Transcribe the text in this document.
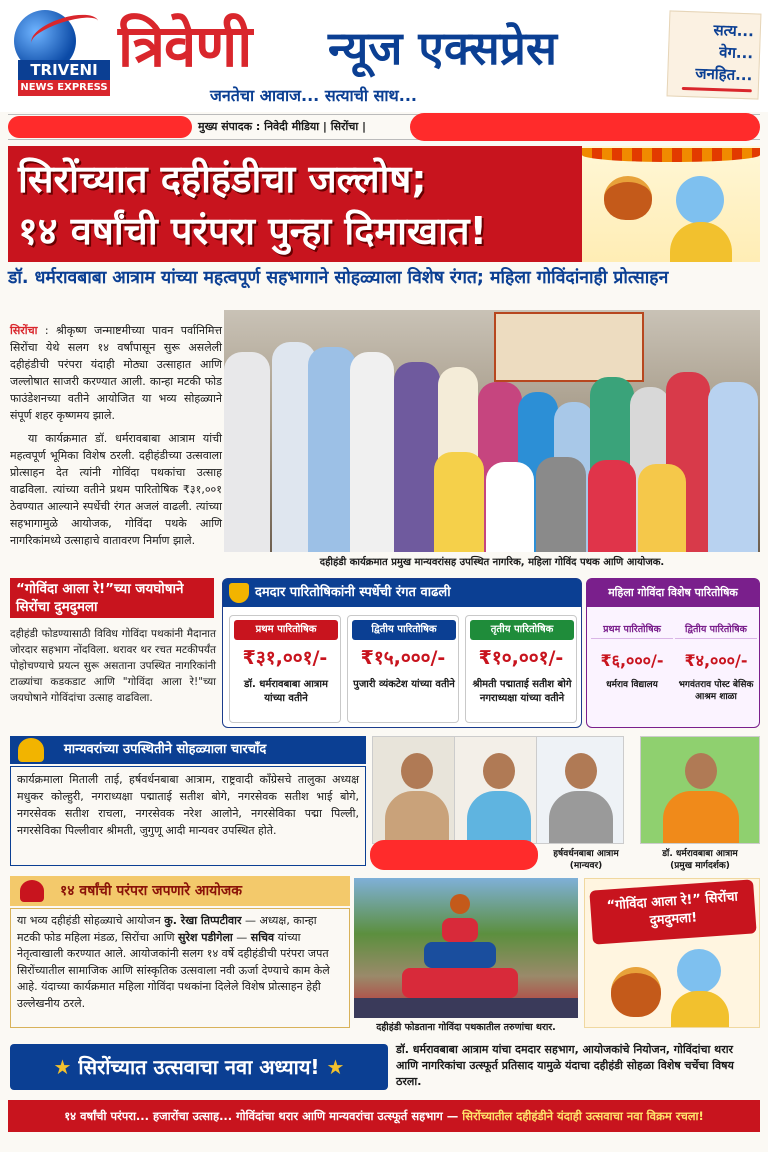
TRIVENI
NEWS EXPRESS
त्रिवेणी न्यूज एक्सप्रेस
जनतेचा आवाज... सत्याची साथ...
सत्य...
वेग...
जनहित...
मुख्य संपादक : निवेदी मीडिया | सिरोंचा |
सिरोंच्यात दहीहंडीचा जल्लोष;
१४ वर्षांची परंपरा पुन्हा दिमाखात!
डॉ. धर्मरावबाबा आत्राम यांच्या महत्वपूर्ण सहभागाने सोहळ्याला विशेष रंगत; महिला गोविंदांनाही प्रोत्साहन

सिरोंचा : श्रीकृष्ण जन्माष्टमीच्या पावन पर्वानिमित्त सिरोंचा येथे सलग १४ वर्षांपासून सुरू असलेली दहीहंडीची परंपरा यंदाही मोठ्या उत्साहात आणि जल्लोषात साजरी करण्यात आली. कान्हा मटकी फोड फाउंडेशनच्या वतीने आयोजित या भव्य सोहळ्याने संपूर्ण शहर कृष्णमय झाले.

या कार्यक्रमात डॉ. धर्मरावबाबा आत्राम यांची महत्वपूर्ण भूमिका विशेष ठरली. दहीहंडीच्या उत्सवाला प्रोत्साहन देत त्यांनी गोविंदा पथकांचा उत्साह वाढविला. त्यांच्या वतीने प्रथम पारितोषिक ₹३१,००१ ठेवण्यात आल्याने स्पर्धेची रंगत अजलं वाढली. त्यांच्या सहभागामुळे आयोजक, गोविंदा पथके आणि नागरिकांमध्ये उत्साहाचे वातावरण निर्माण झाले.

दहीहंडी कार्यक्रमात प्रमुख मान्यवरांसह उपस्थित नागरिक, महिला गोविंद पथक आणि आयोजक.
“गोविंदा आला रे!”च्या जयघोषाने सिरोंचा दुमदुमला
दहीहंडी फोडण्यासाठी विविध गोविंदा पथकांनी मैदानात जोरदार सहभाग नोंदविला. थरावर थर रचत मटकीपर्यंत पोहोचण्याचे प्रयत्न सुरू असताना उपस्थित नागरिकांनी टाळ्यांचा कडकडाट आणि "गोविंदा आला रे!"च्या जयघोषाने गोविंदांचा उत्साह वाढविला.
दमदार पारितोषिकांनी स्पर्धेची रंगत वाढली
प्रथम पारितोषिक
₹३१,००१/-
डॉ. धर्मरावबाबा आत्राम यांच्या वतीने
द्वितीय पारितोषिक
₹१५,०००/-
पुजारी व्यंकटेश यांच्या वतीने
तृतीय पारितोषिक
₹१०,००१/-
श्रीमती पद्माताई सतीश बोगे नगराध्यक्षा यांच्या वतीने
महिला गोविंदा विशेष पारितोषिक
प्रथम पारितोषिक
₹६,०००/-
धर्मराव विद्यालय
द्वितीय पारितोषिक
₹४,०००/-
भगवंतराव पोस्ट बेसिक आश्रम शाळा
मान्यवरांच्या उपस्थितीने सोहळ्याला चारचाँद
कार्यक्रमाला मिताली ताई, हर्षवर्धनबाबा आत्राम, राष्ट्रवादी काँग्रेसचे तालुका अध्यक्ष मधुकर कोल्हुरी, नगराध्यक्षा पद्माताई सतीश बोगे, नगरसेवक सतीश भाई बोगे, नगरसेवक सतीश राचला, नगरसेवक नरेश आलोने, नगरसेविका पद्मा पिल्ली, नगरसेविका पिल्लीवार श्रीमती, जुगुणू आदी मान्यवर उपस्थित होते.
हर्षवर्धनबाबा आत्राम
(मान्यवर)
डॉ. धर्मरावबाबा आत्राम
(प्रमुख मार्गदर्शक)
१४ वर्षांची परंपरा जपणारे आयोजक
या भव्य दहीहंडी सोहळ्याचे आयोजन कु. रेखा तिप्पटीवार — अध्यक्ष, कान्हा मटकी फोड महिला मंडळ, सिरोंचा आणि सुरेश पडीगेला — सचिव यांच्या नेतृत्वाखाली करण्यात आले. आयोजकांनी सलग १४ वर्षे दहीहंडीची परंपरा जपत सिरोंच्यातील सामाजिक आणि सांस्कृतिक उत्सवाला नवी ऊर्जा देण्याचे काम केले आहे. यंदाच्या कार्यक्रमात महिला गोविंदा पथकांना दिलेले विशेष प्रोत्साहन हेही उल्लेखनीय ठरले.
दहीहंडी फोडताना गोविंदा पथकातील तरुणांचा थरार.
“गोविंदा आला रे!” सिरोंचा दुमदुमला!
★ सिरोंच्यात उत्सवाचा नवा अध्याय! ★
डॉ. धर्मरावबाबा आत्राम यांचा दमदार सहभाग, आयोजकांचे नियोजन, गोविंदांचा थरार आणि नागरिकांचा उत्स्फूर्त प्रतिसाद यामुळे यंदाचा दहीहंडी सोहळा विशेष चर्चेचा विषय ठरला.
१४ वर्षांची परंपरा... हजारोंचा उत्साह... गोविंदांचा थरार आणि मान्यवरांचा उत्स्फूर्त सहभाग — सिरोंच्यातील दहीहंडीने यंदाही उत्सवाचा नवा विक्रम रचला!
